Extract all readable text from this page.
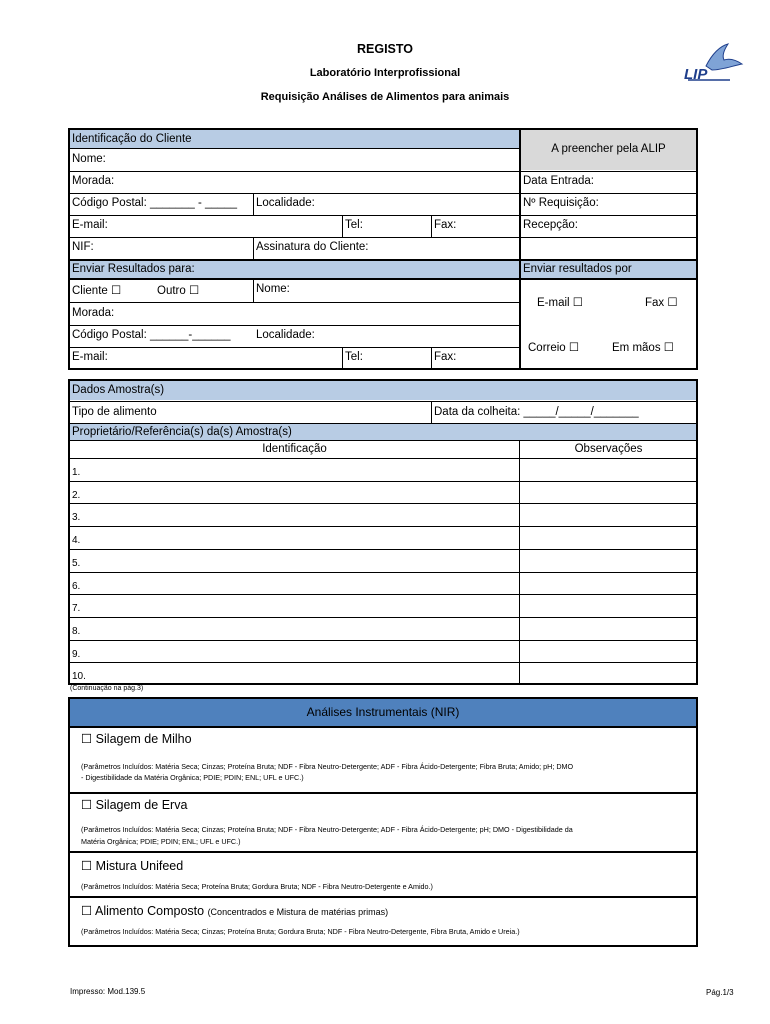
REGISTO
Laboratório Interprofissional
Requisição Análises de Alimentos para animais
LIP
Identificação do Cliente
A preencher pela ALIP
Nome:
Morada:	Data Entrada:
Código Postal: _______ - _____	Localidade:	Nº Requisição:
E-mail:	Tel:	Fax:	Recepção:
NIF:	Assinatura do Cliente:
Enviar Resultados para:	Enviar resultados por
Cliente ☐	Outro ☐	Nome:
Morada:
Código Postal: ______-______	Localidade:
E-mail:	Tel:	Fax:
E-mail ☐	Fax ☐
Correio ☐	Em mãos ☐
Dados Amostra(s)
Tipo de alimento	Data da colheita: _____/_____/_______
Proprietário/Referência(s) da(s) Amostra(s)
Identificação	Observações
1.
2.
3.
4.
5.
6.
7.
8.
9.
10.
(Continuação na pág.3)
Análises Instrumentais (NIR)
☐ Silagem de Milho
(Parâmetros Incluídos: Matéria Seca; Cinzas; Proteína Bruta; NDF - Fibra Neutro-Detergente; ADF - Fibra Ácido-Detergente; Fibra Bruta; Amido; pH; DMO
- Digestibilidade da Matéria Orgânica; PDIE; PDIN; ENL; UFL e UFC.)
☐ Silagem de Erva
(Parâmetros Incluídos: Matéria Seca; Cinzas; Proteína Bruta; NDF - Fibra Neutro-Detergente; ADF - Fibra Ácido-Detergente; pH; DMO - Digestibilidade da
Matéria Orgânica; PDIE; PDIN; ENL; UFL e UFC.)
☐ Mistura Unifeed
(Parâmetros Incluídos: Matéria Seca; Proteína Bruta; Gordura Bruta; NDF - Fibra Neutro-Detergente e Amido.)
☐ Alimento Composto (Concentrados e Mistura de matérias primas)
(Parâmetros Incluídos: Matéria Seca; Cinzas; Proteína Bruta; Gordura Bruta; NDF - Fibra Neutro-Detergente, Fibra Bruta, Amido e Ureia.)
Impresso: Mod.139.5	Pág.1/3
